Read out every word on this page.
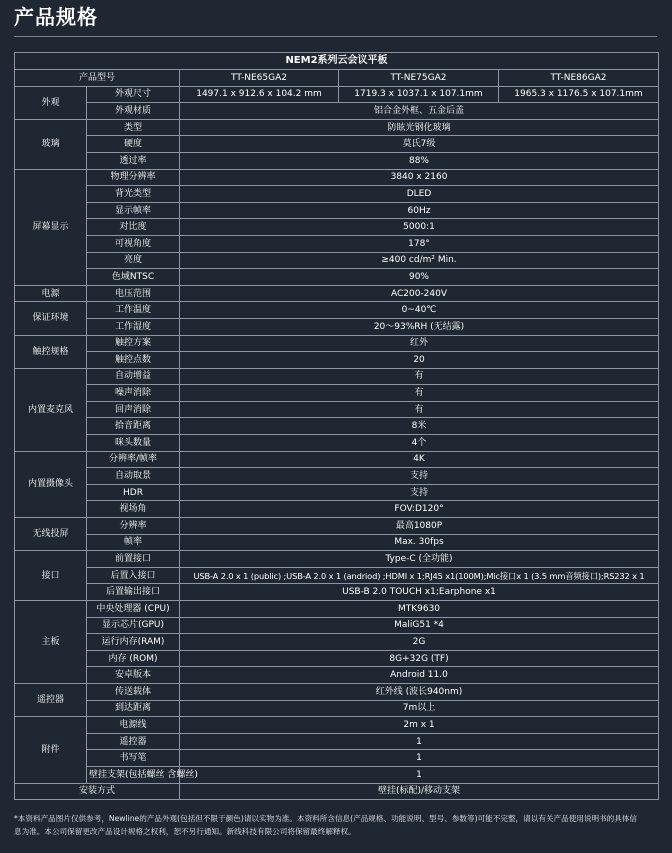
产品规格
NEM2系列云会议平板				
产品型号		TT-NE65GA2	TT-NE75GA2	TT-NE86GA2
外观	外观尺寸	1497.1 x 912.6 x 104.2 mm	1719.3 x 1037.1 x 107.1mm	1965.3 x 1176.5 x 107.1mm
	外观材质	铝合金外框、五金后盖		
玻璃	类型	防眩光钢化玻璃		
	硬度	莫氏7级		
	透过率	88%		
屏幕显示	物理分辨率	3840 x 2160		
	背光类型	DLED		
	显示帧率	60Hz		
	对比度	5000:1		
	可视角度	178°		
	亮度	≥400 cd/m² Min.		
	色域NTSC	90%		
电源	电压范围	AC200-240V		
保证环境	工作温度	0~40℃		
	工作湿度	20～93%RH (无结露)		
触控规格	触控方案	红外		
	触控点数	20		
内置麦克风	自动增益	有		
	噪声消除	有		
	回声消除	有		
	拾音距离	8米		
	咪头数量	4个		
内置摄像头	分辨率/帧率	4K		
	自动取景	支持		
	HDR	支持		
	视场角	FOV:D120°		
无线投屏	分辨率	最高1080P		
	帧率	Max. 30fps		
接口	前置接口	Type-C (全功能)		
	后置入接口	USB-A 2.0 x 1 (public) ;USB-A 2.0 x 1 (andriod) ;HDMI x 1;RJ45 x1(100M);Mic接口x 1 (3.5 mm音频接口);RS232 x 1		
	后置输出接口	USB-B 2.0 TOUCH x1;Earphone x1		
主板	中央处理器 (CPU)	MTK9630		
	显示芯片(GPU)	MaliG51 *4		
	运行内存(RAM)	2G		
	内存 (ROM)	8G+32G (TF)		
	安卓版本	Android 11.0		
遥控器	传送载体	红外线 (波长940nm)		
	到达距离	7m以上		
附件	电源线	2m x 1		
	遥控器	1		
	书写笔	1		
	壁挂支架(包括螺丝 含螺丝)	1		
安装方式		壁挂(标配)/移动支架		

*本资料产品图片仅供参考，Newline的产品外观(包括但不限于颜色)请以实物为准。本资料所含信息(产品规格、功能说明、型号、参数等)可能不完整，请以有关产品使用说明书的具体信

息为准。本公司保留更改产品设计规格之权利，恕不另行通知。新线科技有限公司将保留最终解释权。
